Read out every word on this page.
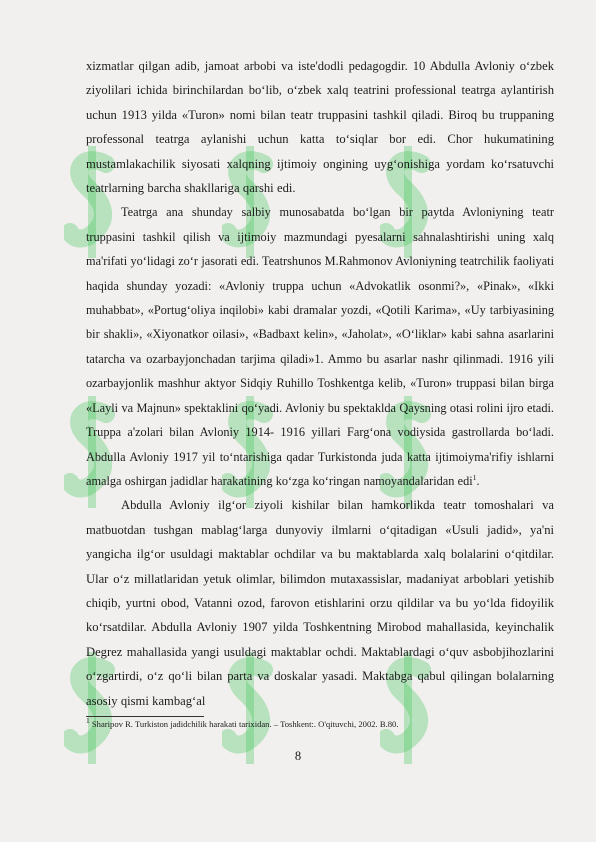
xizmatlar qilgan adib, jamoat arbobi va iste'dodli pedagogdir. 10 Abdulla Avloniy o‘zbek ziyolilari ichida birinchilardan bo‘lib, o‘zbek xalq teatrini professional teatrga aylantirish uchun 1913 yilda «Turon» nomi bilan teatr truppasini tashkil qiladi. Biroq bu truppaning professonal teatrga aylanishi uchun katta to‘siqlar bor edi. Chor hukumatining mustamlakachilik siyosati xalqning ijtimoiy ongining uyg‘onishiga yordam ko‘rsatuvchi teatrlarning barcha shakllariga qarshi edi.

Teatrga ana shunday salbiy munosabatda bo‘lgan bir paytda Avloniyning teatr truppasini tashkil qilish va ijtimoiy mazmundagi pyesalarni sahnalashtirishi uning xalq ma'rifati yo‘lidagi zo‘r jasorati edi. Teatrshunos M.Rahmonov Avloniyning teatrchilik faoliyati haqida shunday yozadi: «Avloniy truppa uchun «Advokatlik osonmi?», «Pinak», «Ikki muhabbat», «Portug‘oliya inqilobi» kabi dramalar yozdi, «Qotili Karima», «Uy tarbiyasining bir shakli», «Xiyonatkor oilasi», «Badbaxt kelin», «Jaholat», «O‘liklar» kabi sahna asarlarini tatarcha va ozarbayjonchadan tarjima qiladi»1. Ammo bu asarlar nashr qilinmadi. 1916 yili ozarbayjonlik mashhur aktyor Sidqiy Ruhillo Toshkentga kelib, «Turon» truppasi bilan birga «Layli va Majnun» spektaklini qo‘yadi. Avloniy bu spektaklda Qaysning otasi rolini ijro etadi. Truppa a'zolari bilan Avloniy 1914- 1916 yillari Farg‘ona vodiysida gastrollarda bo‘ladi. Abdulla Avloniy 1917 yil to‘ntarishiga qadar Turkistonda juda katta ijtimoiyma'rifiy ishlarni amalga oshirgan jadidlar harakatining ko‘zga ko‘ringan namoyandalaridan edi$^1$.

Abdulla Avloniy ilg‘or ziyoli kishilar bilan hamkorlikda teatr tomoshalari va matbuotdan tushgan mablag‘larga dunyoviy ilmlarni o‘qitadigan «Usuli jadid», ya'ni yangicha ilg‘or usuldagi maktablar ochdilar va bu maktablarda xalq bolalarini o‘qitdilar. Ular o‘z millatlaridan yetuk olimlar, bilimdon mutaxassislar, madaniyat arboblari yetishib chiqib, yurtni obod, Vatanni ozod, farovon etishlarini orzu qildilar va bu yo‘lda fidoyilik ko‘rsatdilar. Abdulla Avloniy 1907 yilda Toshkentning Mirobod mahallasida, keyinchalik Degrez mahallasida yangi usuldagi maktablar ochdi. Maktablardagi o‘quv asbobjihozlarini o‘zgartirdi, o‘z qo‘li bilan parta va doskalar yasadi. Maktabga qabul qilingan bolalarning asosiy qismi kambag‘al

$^1$ Sharipov R. Turkiston jadidchilik harakati tarixidan. – Toshkent:. O'qituvchi, 2002. B.80.

8
